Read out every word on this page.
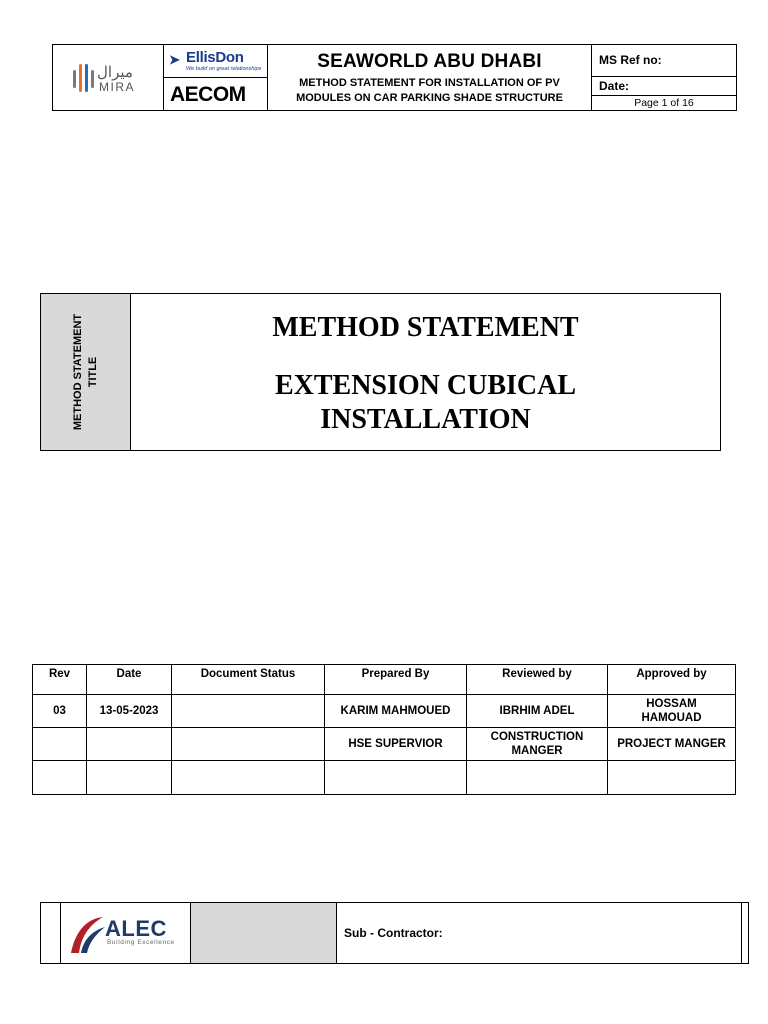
ميرال
MIRA
➤ EllisDon
We build on great relationships
AECOM
SEAWORLD ABU DHABI
METHOD STATEMENT FOR INSTALLATION OF PV
MODULES ON CAR PARKING SHADE STRUCTURE
MS Ref no:
Date:
Page 1 of 16
METHOD STATEMENT TITLE
METHOD STATEMENT
EXTENSION CUBICAL
INSTALLATION
Rev	Date	Document Status	Prepared By	Reviewed by	Approved by
03	13-05-2023		KARIM MAHMOUED	IBRHIM ADEL	HOSSAM HAMOUAD
			HSE SUPERVIOR	CONSTRUCTION MANGER	PROJECT MANGER

ALEC
Building Excellence
Sub - Contractor:
